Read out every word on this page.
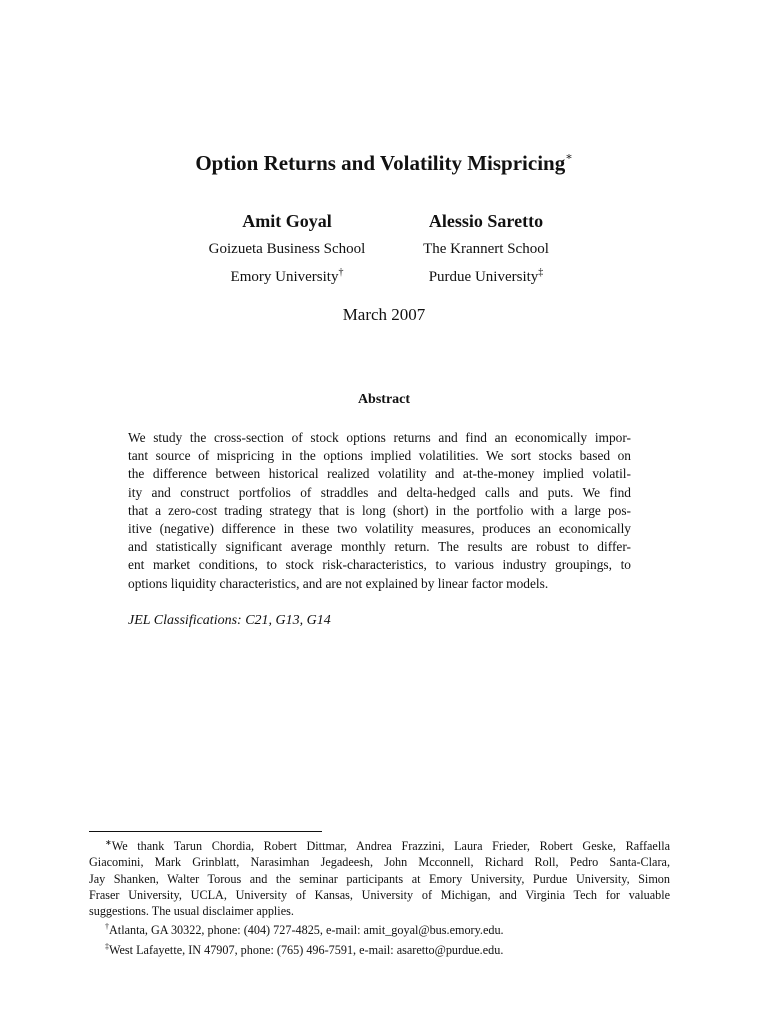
Option Returns and Volatility Mispricing∗
Amit Goyal
Goizueta Business School
Emory University†
Alessio Saretto
The Krannert School
Purdue University‡
March 2007
Abstract
We study the cross-section of stock options returns and find an economically impor-
tant source of mispricing in the options implied volatilities. We sort stocks based on
the difference between historical realized volatility and at-the-money implied volatil-
ity and construct portfolios of straddles and delta-hedged calls and puts. We find
that a zero-cost trading strategy that is long (short) in the portfolio with a large pos-
itive (negative) difference in these two volatility measures, produces an economically
and statistically significant average monthly return. The results are robust to differ-
ent market conditions, to stock risk-characteristics, to various industry groupings, to
options liquidity characteristics, and are not explained by linear factor models.
JEL Classifications: C21, G13, G14
∗We thank Tarun Chordia, Robert Dittmar, Andrea Frazzini, Laura Frieder, Robert Geske, Raffaella
Giacomini, Mark Grinblatt, Narasimhan Jegadeesh, John Mcconnell, Richard Roll, Pedro Santa-Clara,
Jay Shanken, Walter Torous and the seminar participants at Emory University, Purdue University, Simon
Fraser University, UCLA, University of Kansas, University of Michigan, and Virginia Tech for valuable
suggestions. The usual disclaimer applies.
†Atlanta, GA 30322, phone: (404) 727-4825, e-mail: amit_goyal@bus.emory.edu.
‡West Lafayette, IN 47907, phone: (765) 496-7591, e-mail: asaretto@purdue.edu.
